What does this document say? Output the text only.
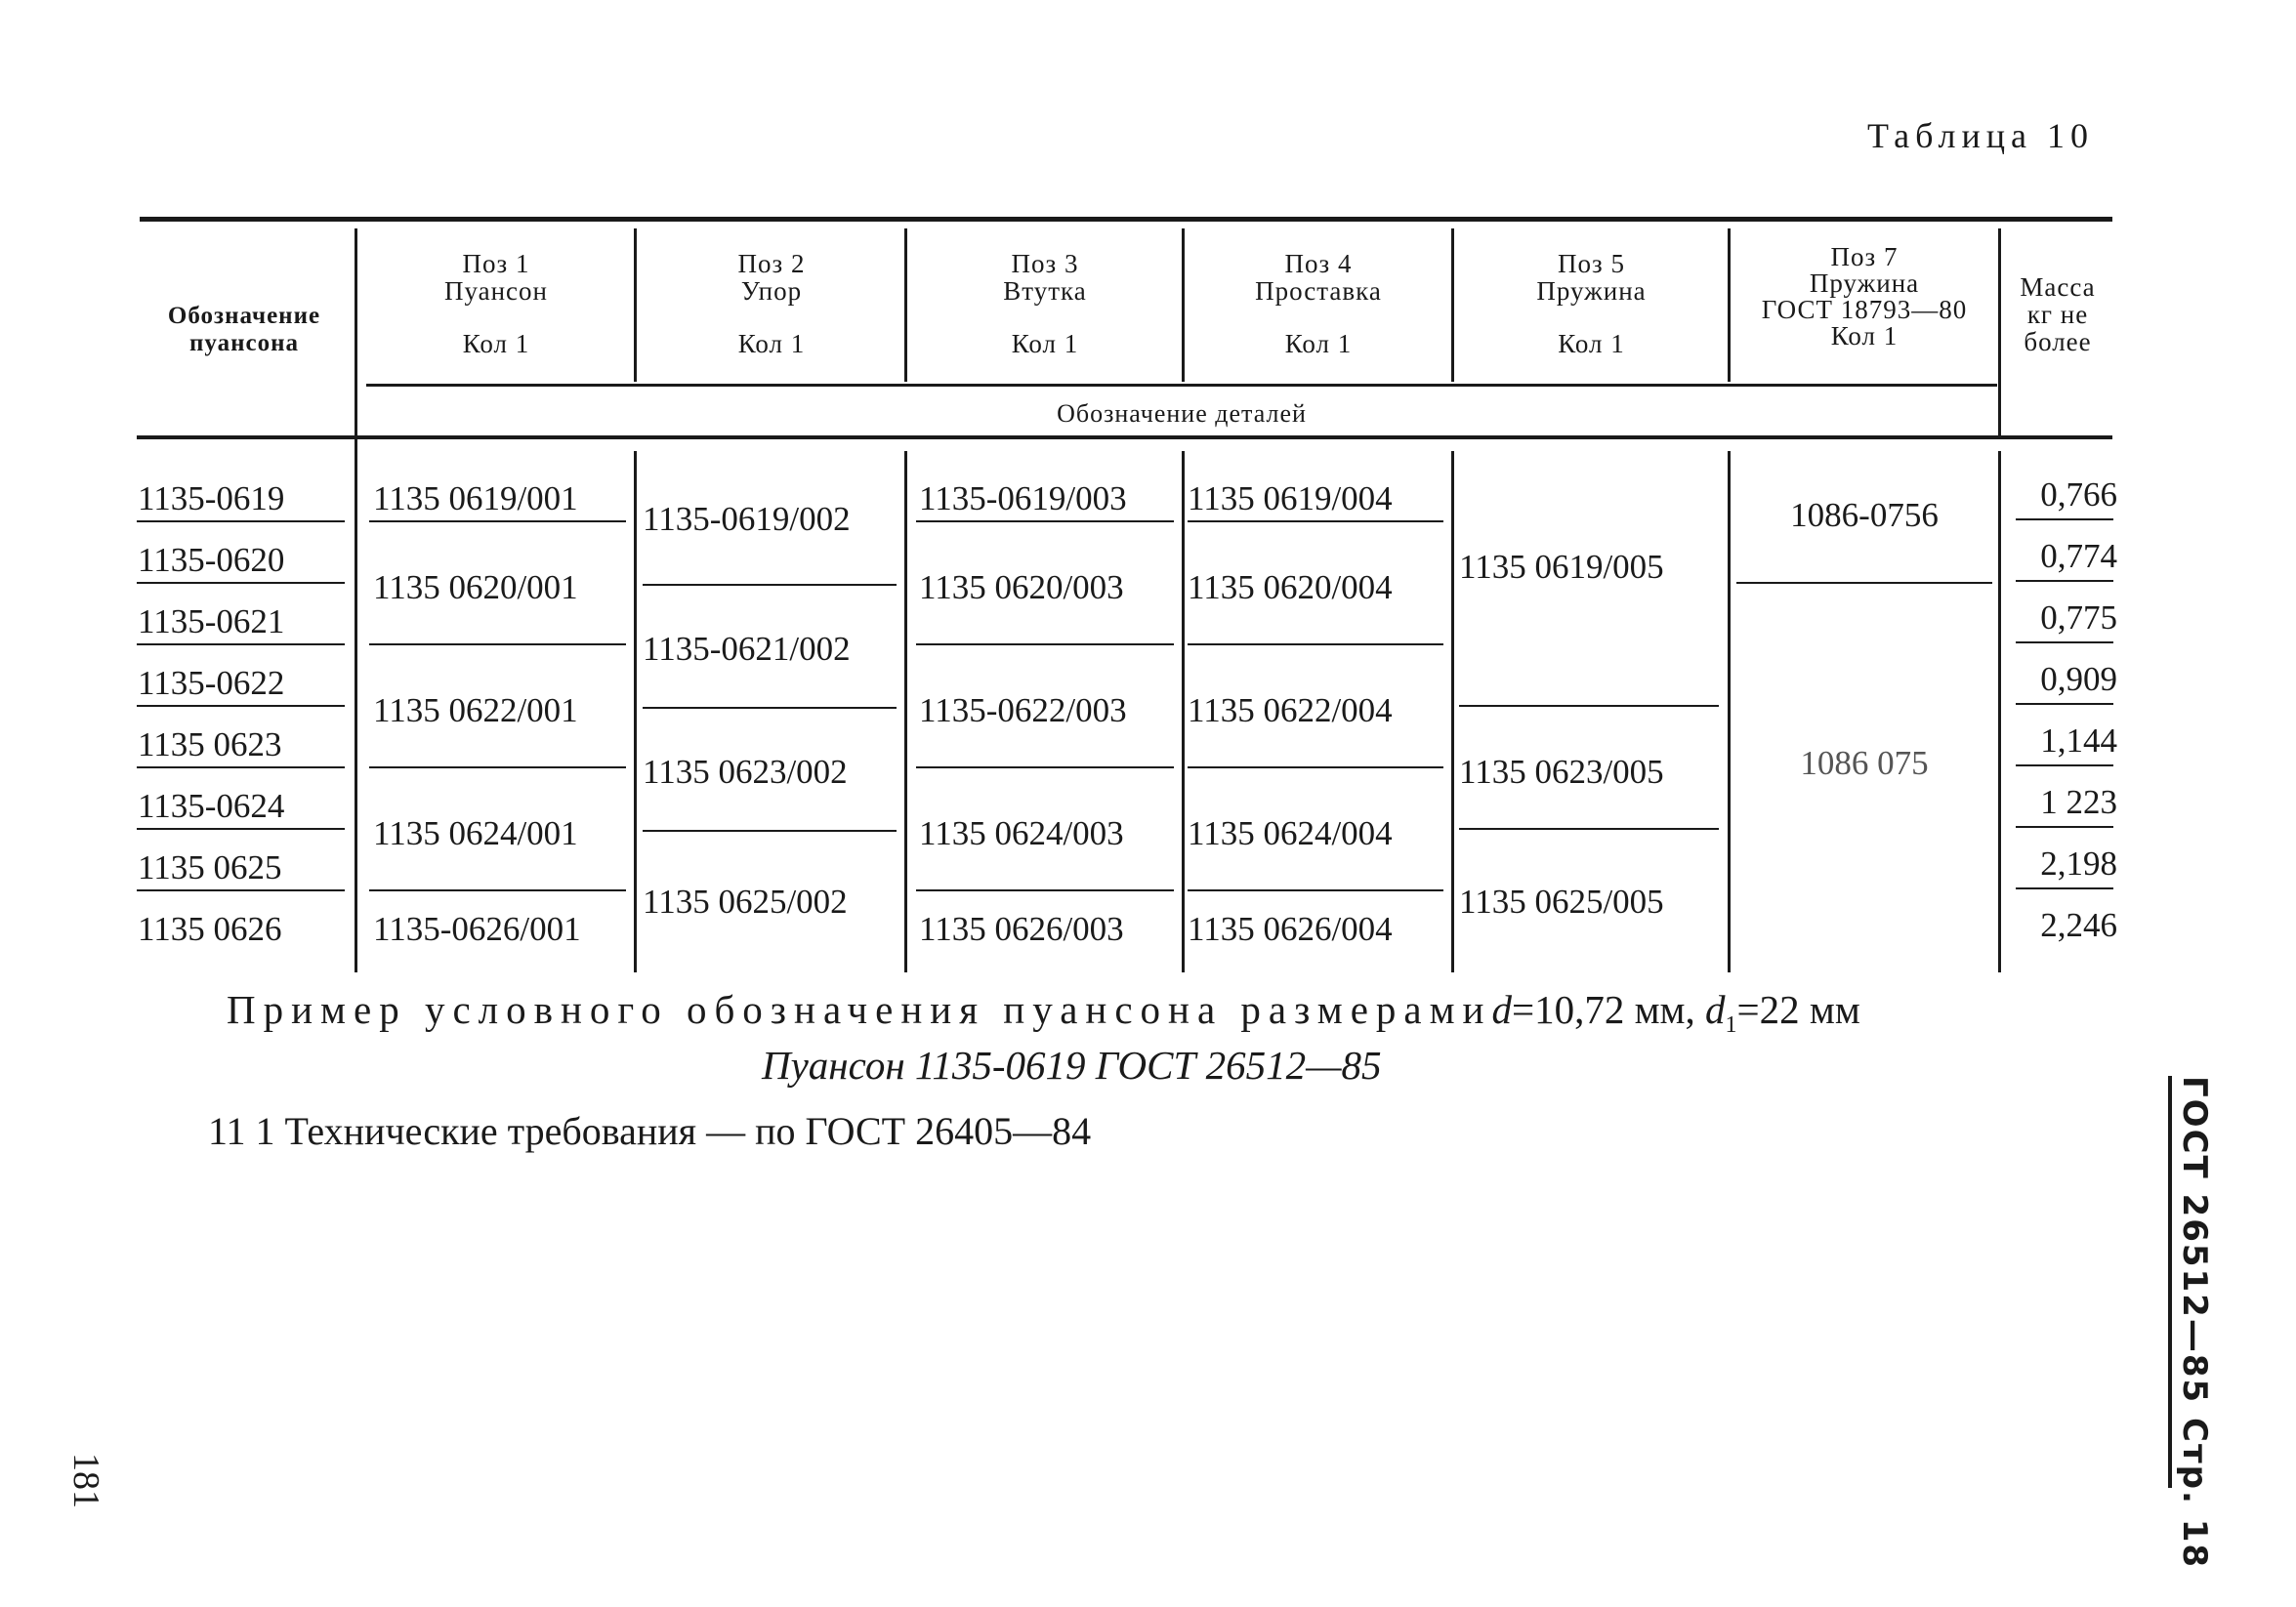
Таблица 10
Обозначение
пуансона
Поз 1
Пуансон
Кол 1
Поз 2
Упор
Кол 1
Поз 3
Втутка
Кол 1
Поз 4
Проставка
Кол 1
Поз 5
Пружина
Кол 1
Поз 7
Пружина
ГОСТ 18793—80
Кол 1
Масса
кг не
более
Обозначение деталей
1135-0619
1135-0620
1135-0621
1135-0622
1135 0623
1135-0624
1135 0625
1135 0626
1135 0619/001
1135 0620/001
1135 0622/001
1135 0624/001
1135-0626/001
1135-0619/002
1135-0621/002
1135 0623/002
1135 0625/002
1135-0619/003
1135 0620/003
1135-0622/003
1135 0624/003
1135 0626/003
1135 0619/004
1135 0620/004
1135 0622/004
1135 0624/004
1135 0626/004
1135 0619/005
1135 0623/005
1135 0625/005
1086-0756
1086 075
0,766
0,774
0,775
0,909
1,144
1 223
2,198
2,246
Пример условного обозначения пуансона размерамиd=10,72 мм, $d_1=22$ мм
Пуансон 1135-0619 ГОСТ 26512—85
11 1 Технические требования — по ГОСТ 26405—84	ГОСТ 26512—85 Стр. 18
181
